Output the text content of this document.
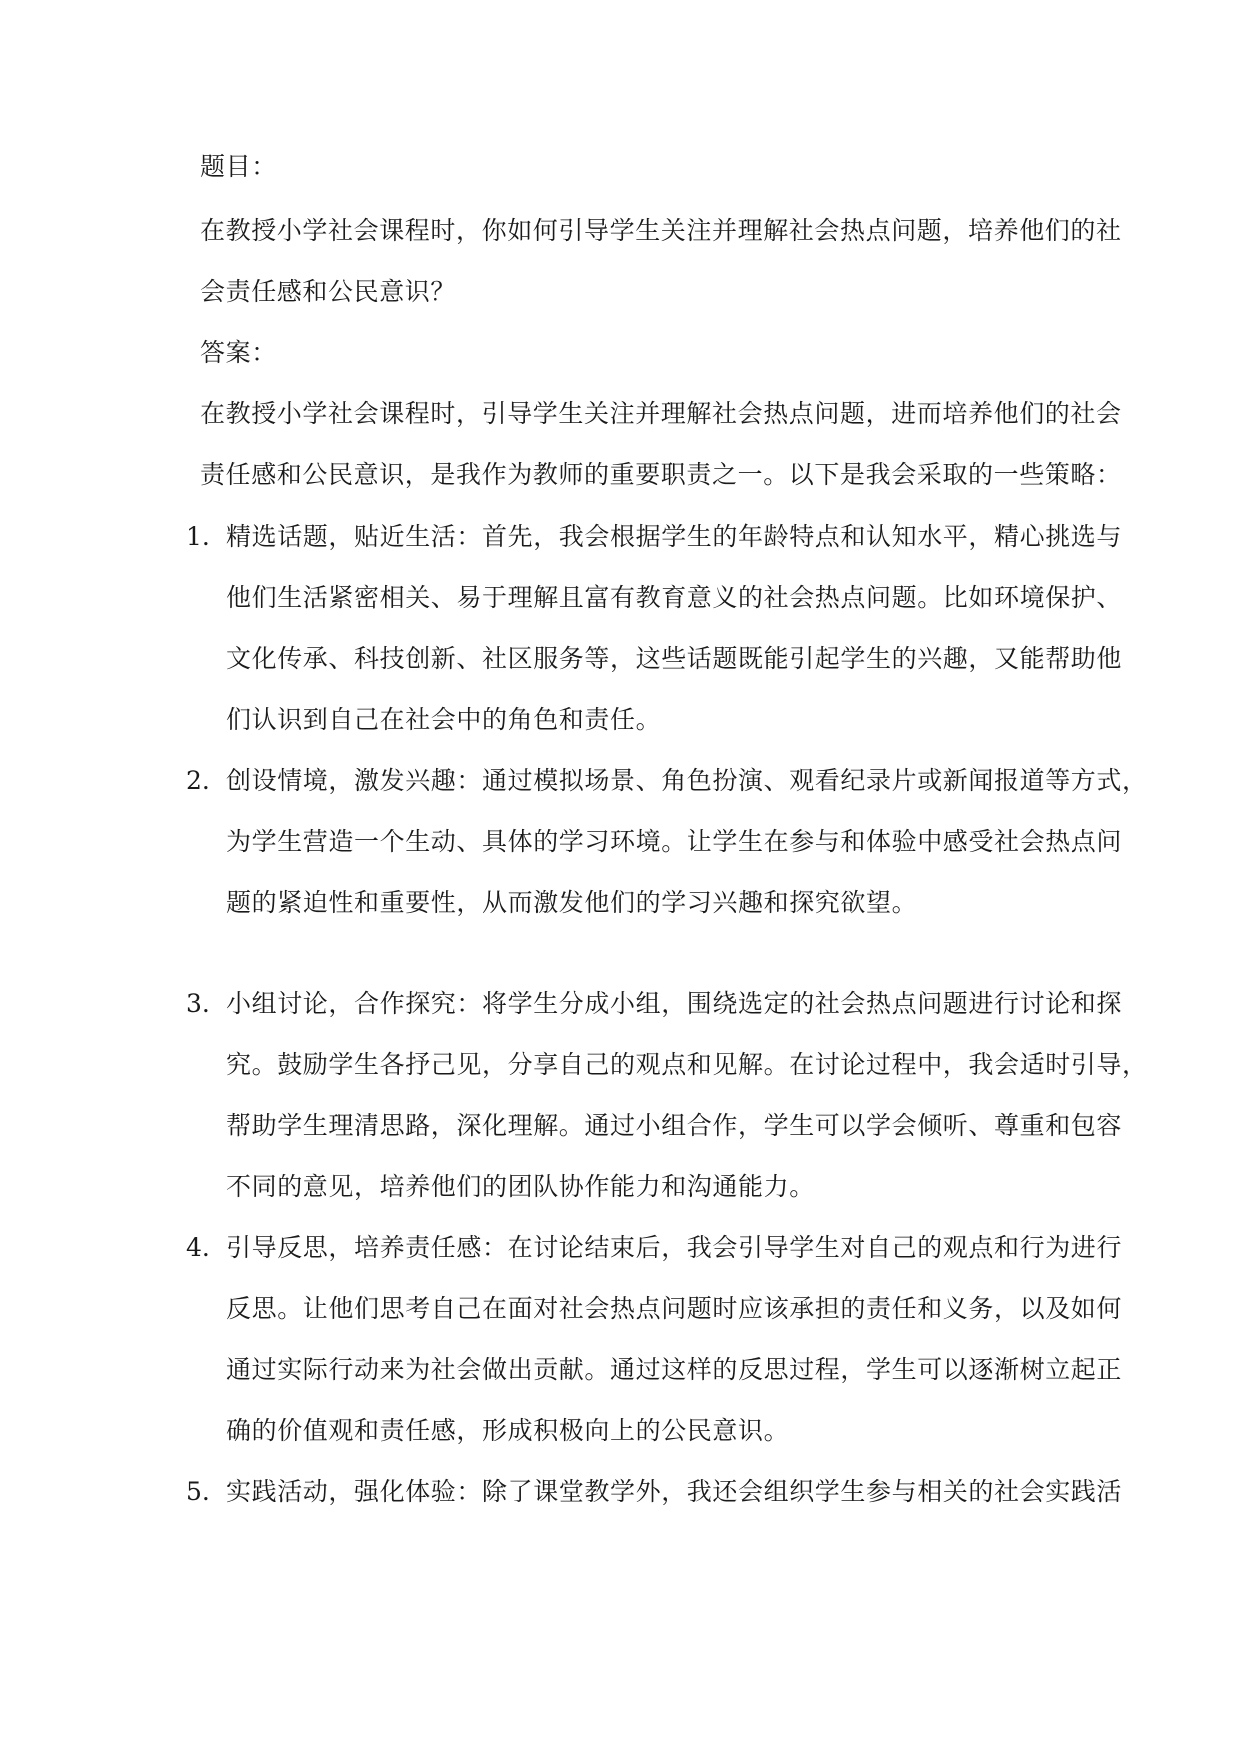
题目：
在教授小学社会课程时，你如何引导学生关注并理解社会热点问题，培养他们的社
会责任感和公民意识？
答案：
在教授小学社会课程时，引导学生关注并理解社会热点问题，进而培养他们的社会
责任感和公民意识，是我作为教师的重要职责之一。以下是我会采取的一些策略：
1. 精选话题，贴近生活：首先，我会根据学生的年龄特点和认知水平，精心挑选与
他们生活紧密相关、易于理解且富有教育意义的社会热点问题。比如环境保护、
文化传承、科技创新、社区服务等，这些话题既能引起学生的兴趣，又能帮助他
们认识到自己在社会中的角色和责任。
2. 创设情境，激发兴趣：通过模拟场景、角色扮演、观看纪录片或新闻报道等方式，
为学生营造一个生动、具体的学习环境。让学生在参与和体验中感受社会热点问
题的紧迫性和重要性，从而激发他们的学习兴趣和探究欲望。
3. 小组讨论，合作探究：将学生分成小组，围绕选定的社会热点问题进行讨论和探
究。鼓励学生各抒己见，分享自己的观点和见解。在讨论过程中，我会适时引导，
帮助学生理清思路，深化理解。通过小组合作，学生可以学会倾听、尊重和包容
不同的意见，培养他们的团队协作能力和沟通能力。
4. 引导反思，培养责任感：在讨论结束后，我会引导学生对自己的观点和行为进行
反思。让他们思考自己在面对社会热点问题时应该承担的责任和义务，以及如何
通过实际行动来为社会做出贡献。通过这样的反思过程，学生可以逐渐树立起正
确的价值观和责任感，形成积极向上的公民意识。
5. 实践活动，强化体验：除了课堂教学外，我还会组织学生参与相关的社会实践活
